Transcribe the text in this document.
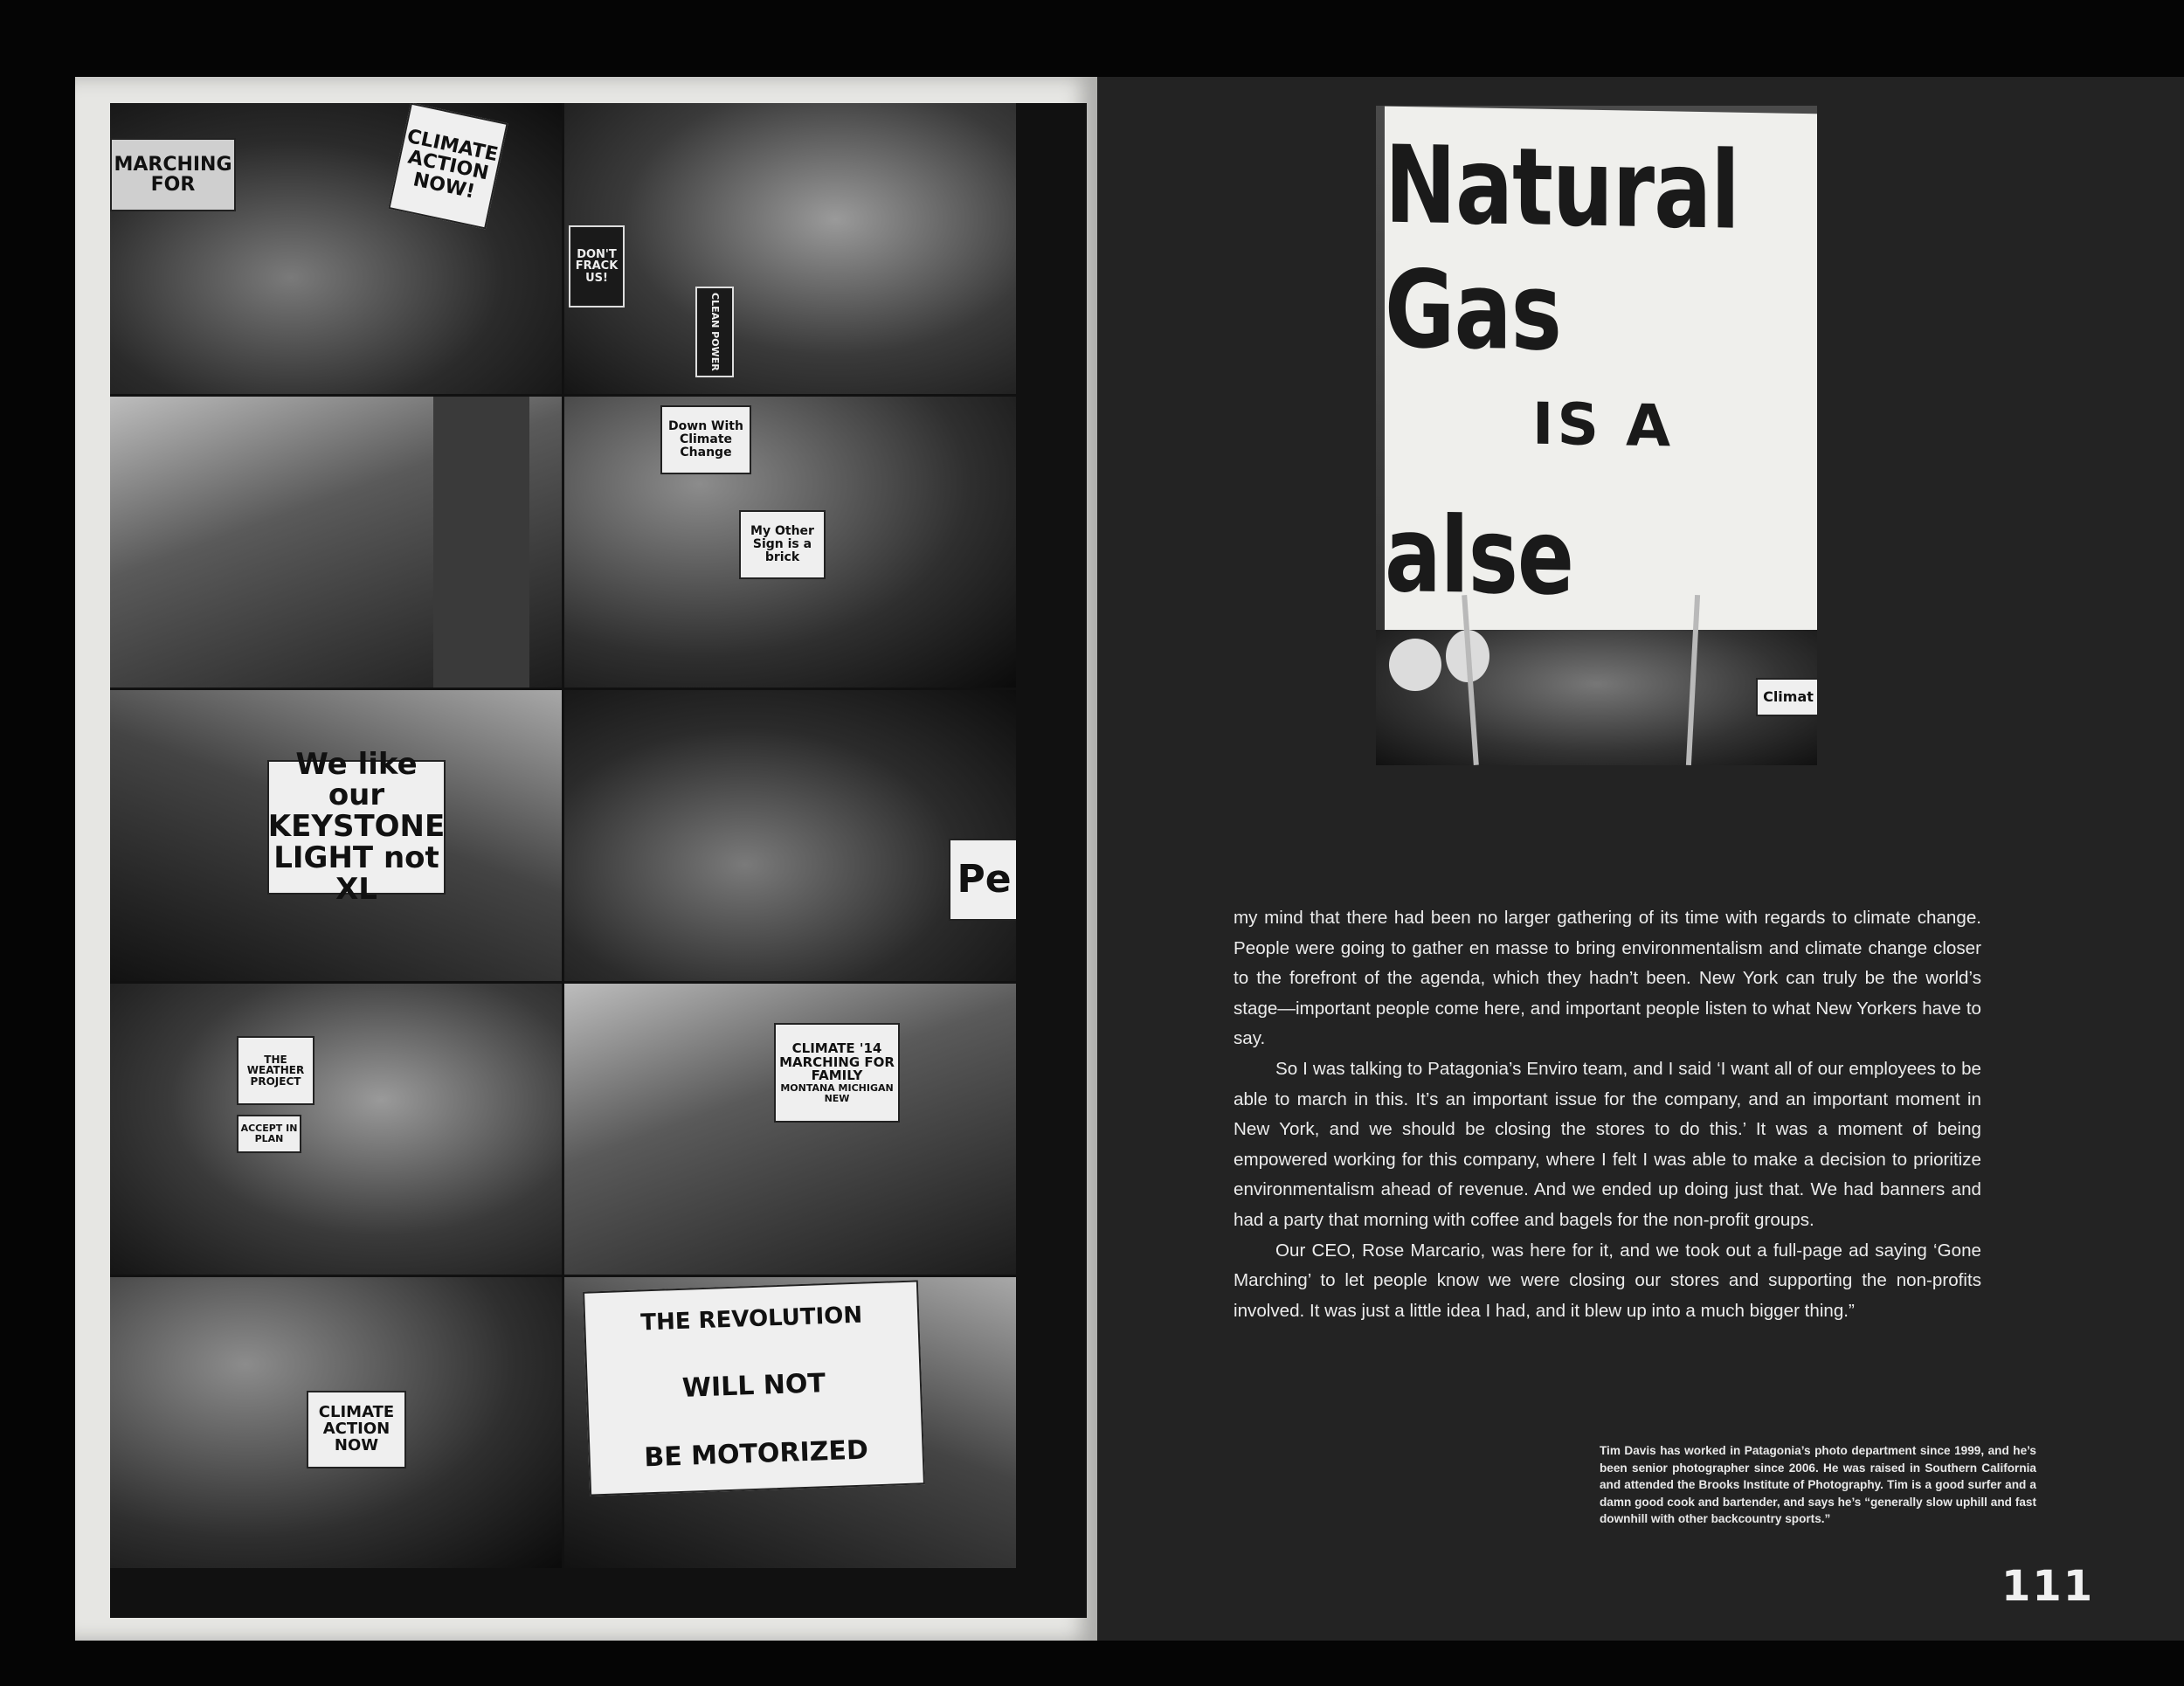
CLIMATE ACTION NOW!
MARCHING FOR
DON'T FRACK US!
CLEAN POWER
Down With Climate Change
My Other Sign is a brick
We like our KEYSTONE LIGHT not XL	Pe
THE WEATHER PROJECT
ACCEPT IN PLAN
CLIMATE '14 MARCHING FOR FAMILY
MONTANA MICHIGAN NEW
CLIMATE ACTION NOW
THE REVOLUTION
WILL NOT
BE MOTORIZED
Natural Gas
IS A
alse
Climat

my mind that there had been no larger gathering of its time with regards to climate change. People were going to gather en masse to bring environmentalism and climate change closer to the forefront of the agenda, which they hadn’t been. New York can truly be the world’s stage—important people come here, and important people listen to what New Yorkers have to say.

So I was talking to Patagonia’s Enviro team, and I said ‘I want all of our employees to be able to march in this. It’s an important issue for the company, and an important moment in New York, and we should be closing the stores to do this.’ It was a moment of being empowered working for this company, where I felt I was able to make a decision to prioritize environmentalism ahead of revenue. And we ended up doing just that. We had banners and had a party that morning with coffee and bagels for the non-profit groups.

Our CEO, Rose Marcario, was here for it, and we took out a full-page ad saying ‘Gone Marching’ to let people know we were closing our stores and supporting the non-profits involved. It was just a little idea I had, and it blew up into a much bigger thing.”

Tim Davis has worked in Patagonia’s photo department since 1999, and he’s been senior photographer since 2006. He was raised in Southern California and attended the Brooks Institute of Photography. Tim is a good surfer and a damn good cook and bartender, and says he’s “generally slow uphill and fast downhill with other backcountry sports.”
111
